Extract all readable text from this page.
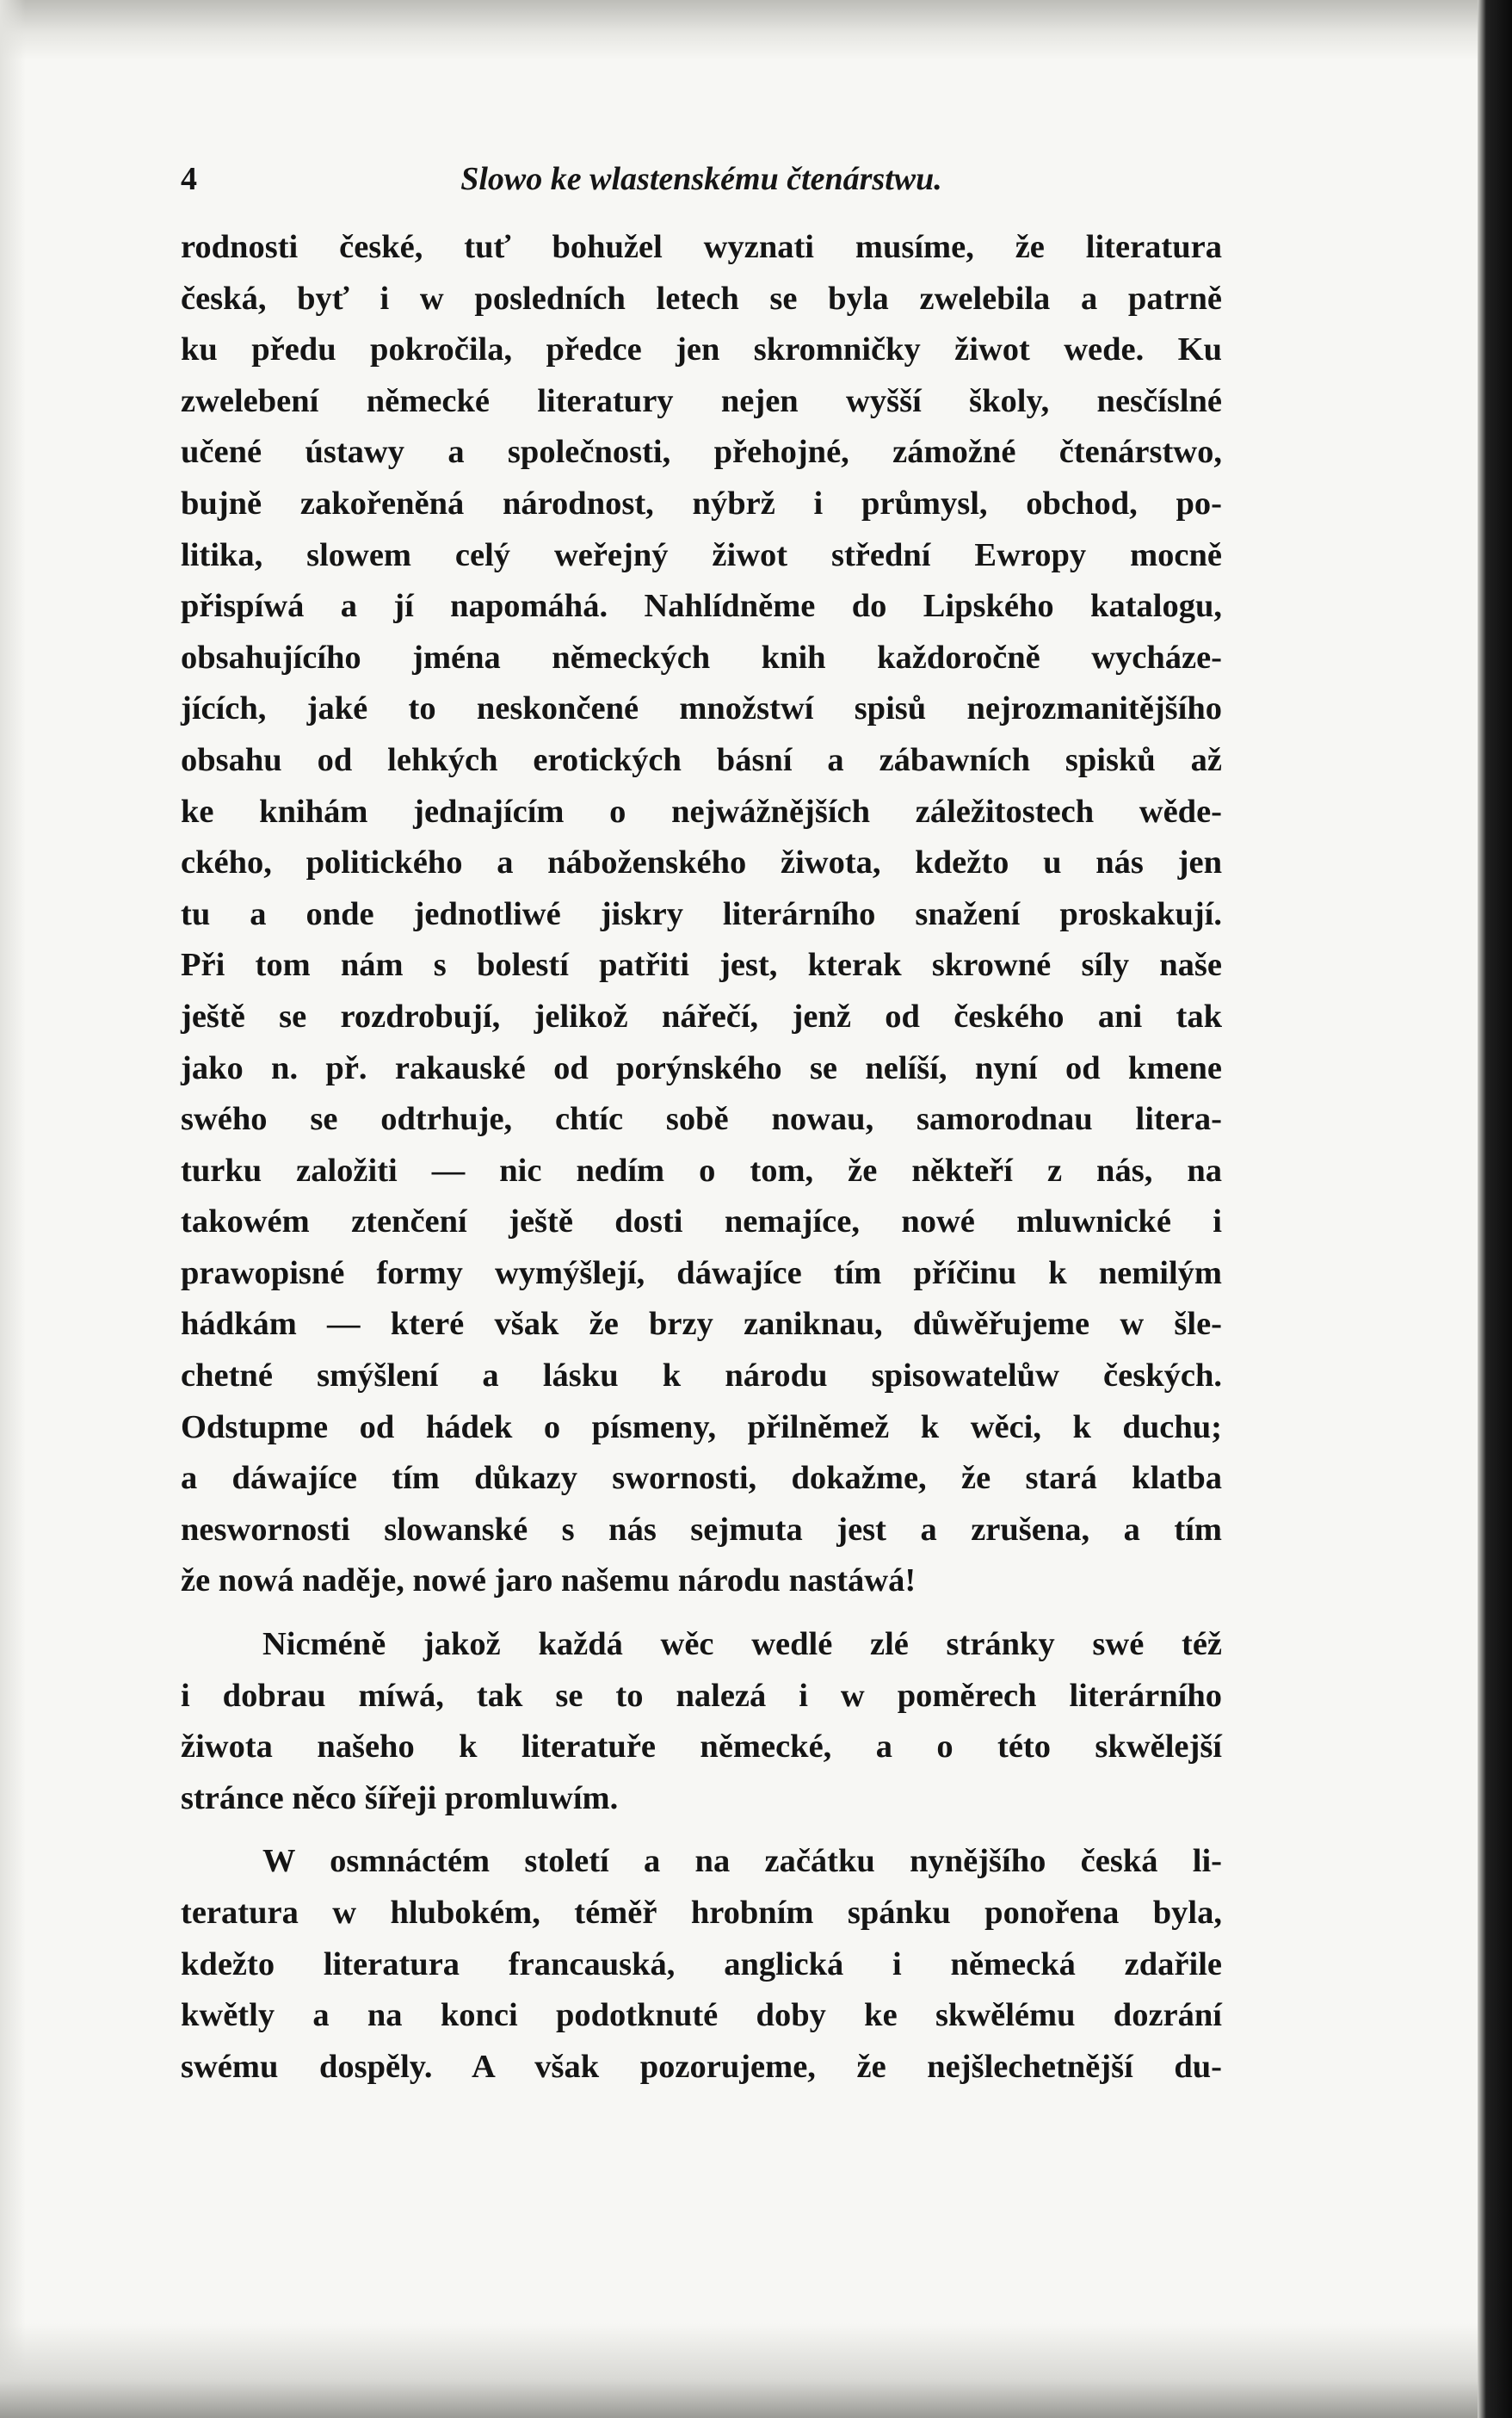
4	Slowo ke wlastenskému čtenárstwu.
rodnosti české, tuť bohužel wyznati musíme, že literatura
česká, byť i w posledních letech se byla zwelebila a patrně
ku předu pokročila, předce jen skromničky žiwot wede. Ku
zwelebení německé literatury nejen wyšší školy, nesčíslné
učené ústawy a společnosti, přehojné, zámožné čtenárstwo,
bujně zakořeněná národnost, nýbrž i průmysl, obchod, po-
litika, slowem celý weřejný žiwot střední Ewropy mocně
přispíwá a jí napomáhá. Nahlídněme do Lipského katalogu,
obsahujícího jména německých knih každoročně wycháze-
jících, jaké to neskončené množstwí spisů nejrozmanitějšího
obsahu od lehkých erotických básní a zábawních spisků až
ke knihám jednajícím o nejwážnějších záležitostech wěde-
ckého, politického a náboženského žiwota, kdežto u nás jen
tu a onde jednotliwé jiskry literárního snažení proskakují.
Při tom nám s bolestí patřiti jest, kterak skrowné síly naše
ještě se rozdrobují, jelikož nářečí, jenž od českého ani tak
jako n. př. rakauské od porýnského se nelíší, nyní od kmene
swého se odtrhuje, chtíc sobě nowau, samorodnau litera-
turku založiti — nic nedím o tom, že někteří z nás, na
takowém ztenčení ještě dosti nemajíce, nowé mluwnické i
prawopisné formy wymýšlejí, dáwajíce tím příčinu k nemilým
hádkám — které však že brzy zaniknau, důwěřujeme w šle-
chetné smýšlení a lásku k národu spisowatelůw českých.
Odstupme od hádek o písmeny, přilněmež k wěci, k duchu;
a dáwajíce tím důkazy swornosti, dokažme, že stará klatba
neswornosti slowanské s nás sejmuta jest a zrušena, a tím
že nowá naděje, nowé jaro našemu národu nastáwá!
Nicméně jakož každá wěc wedlé zlé stránky swé též
i dobrau míwá, tak se to nalezá i w poměrech literárního
žiwota našeho k literatuře německé, a o této skwělejší
stránce něco šířeji promluwím.
W osmnáctém století a na začátku nynějšího česká li-
teratura w hlubokém, téměř hrobním spánku ponořena byla,
kdežto literatura francauská, anglická i německá zdařile
kwětly a na konci podotknuté doby ke skwělému dozrání
swému dospěly. A však pozorujeme, že nejšlechetnější du-
